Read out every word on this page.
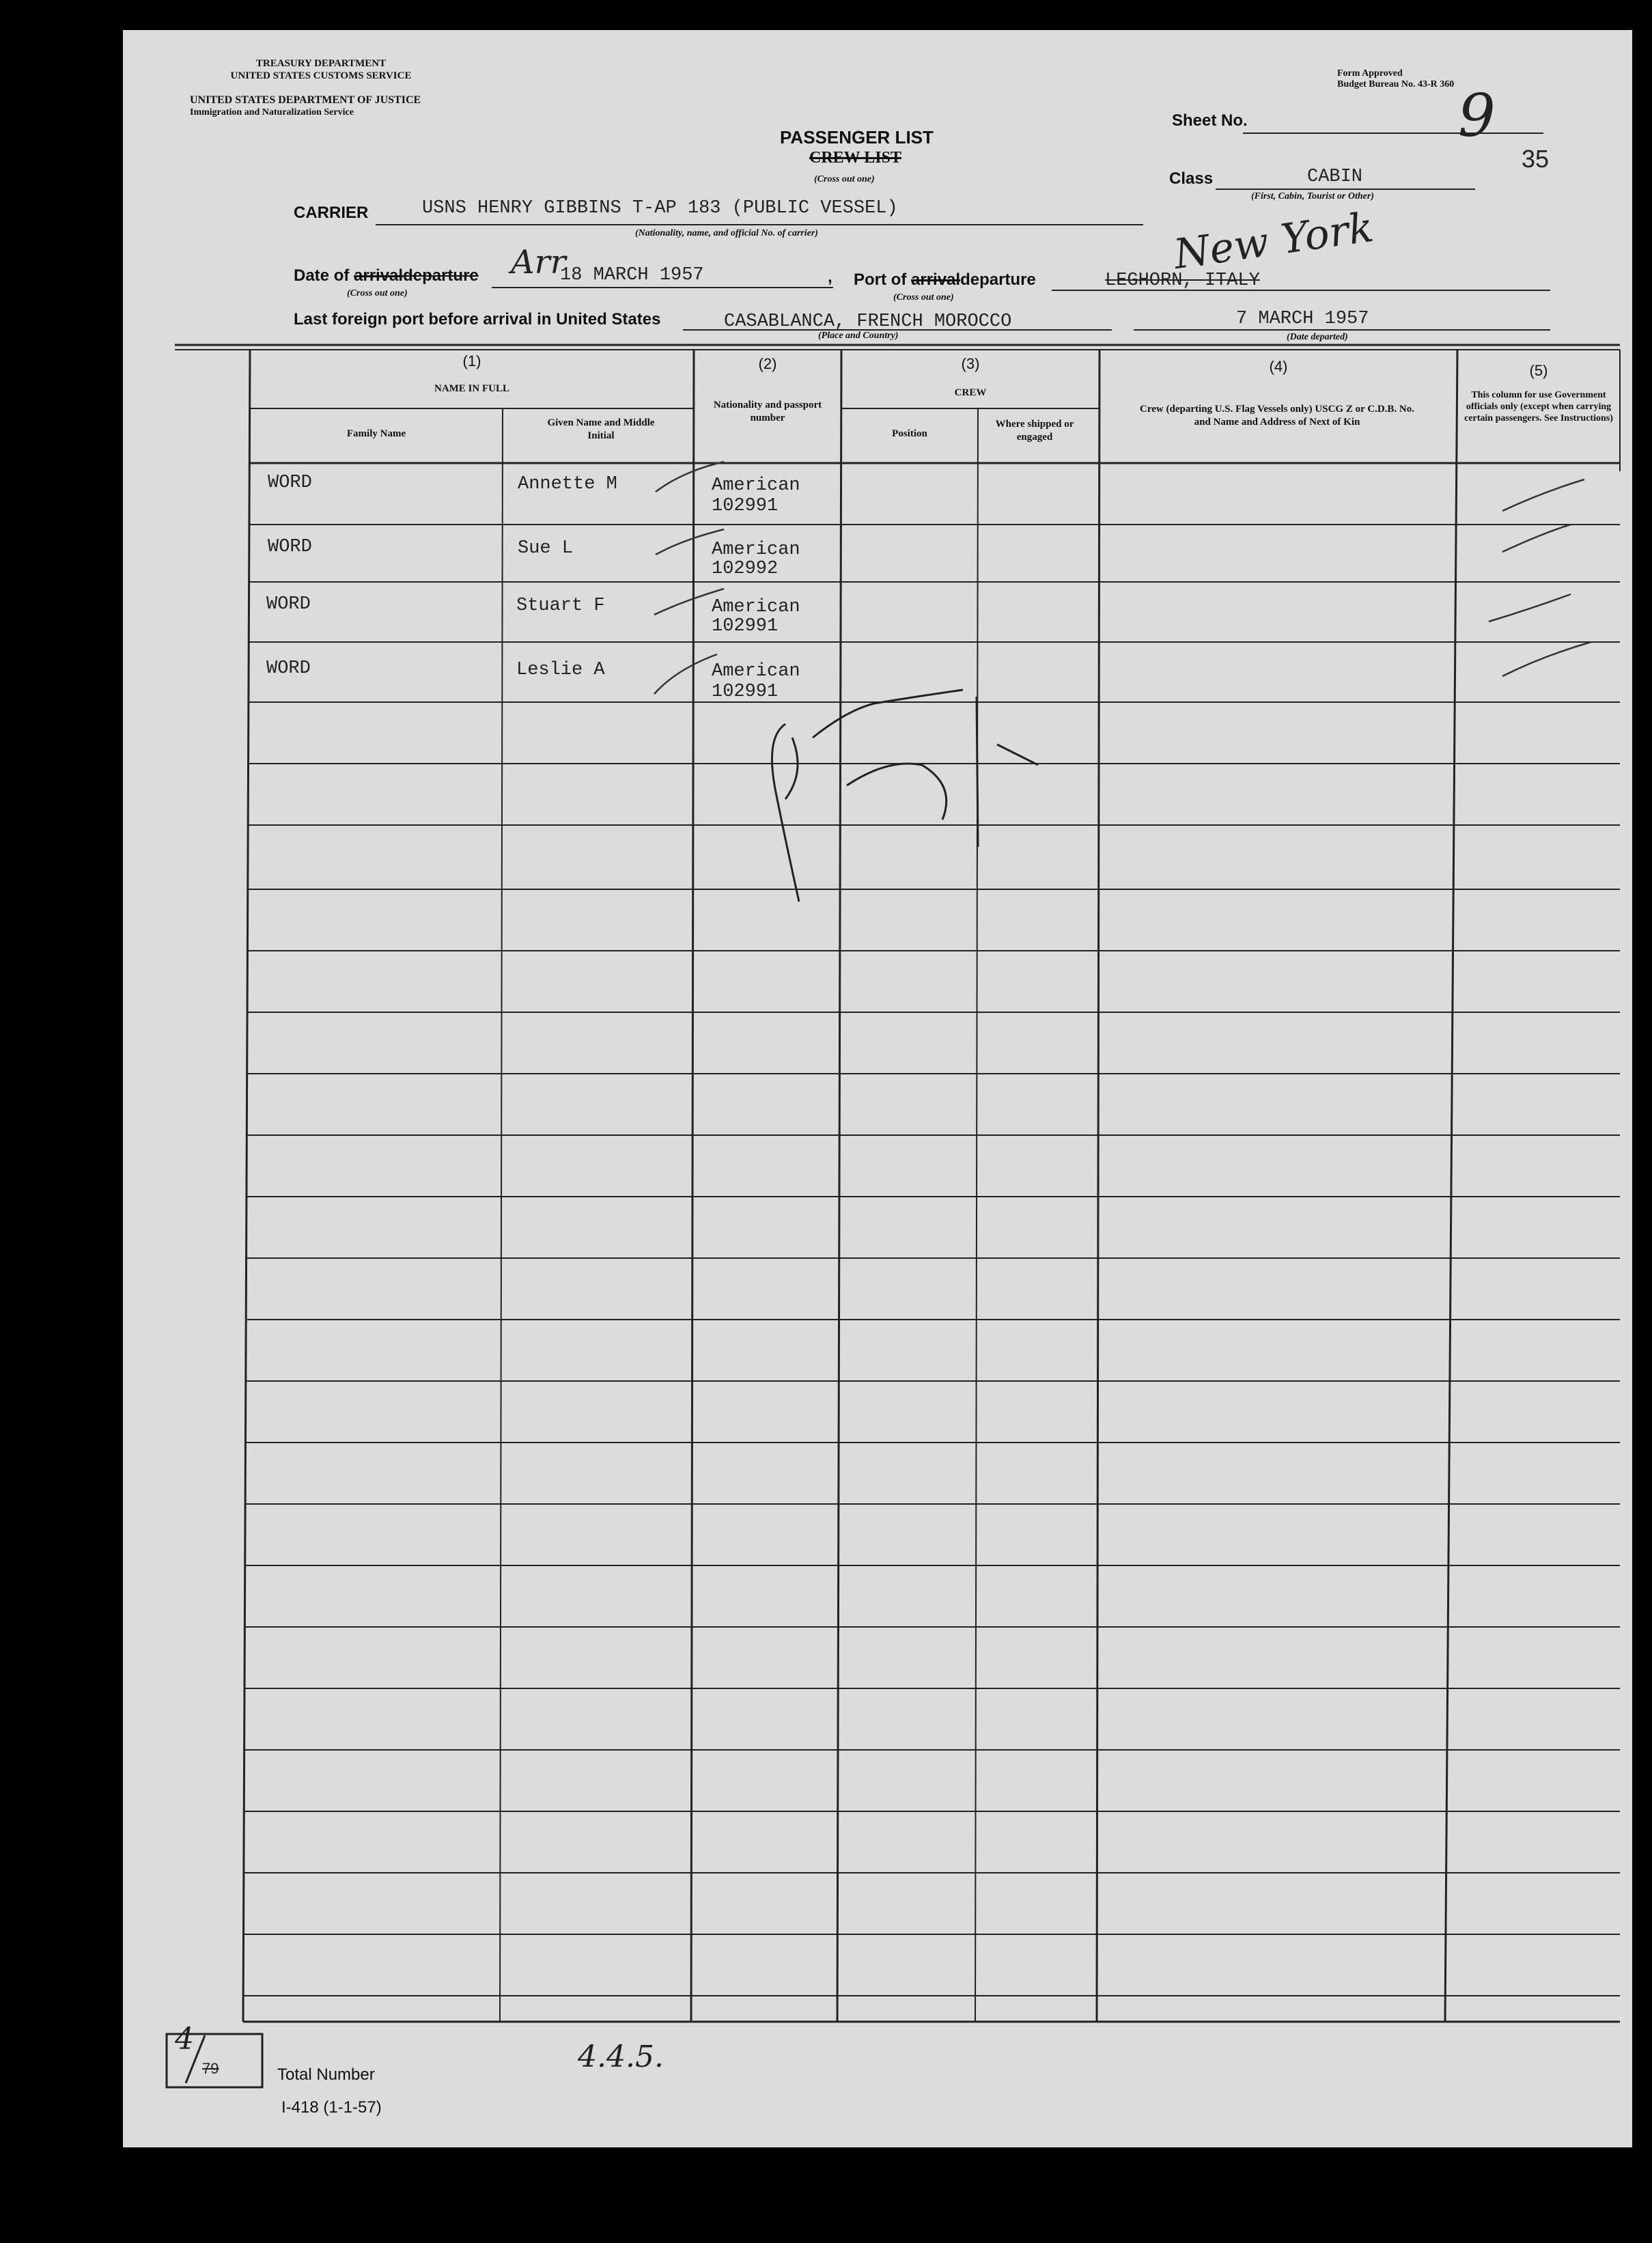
TREASURY DEPARTMENT
UNITED STATES CUSTOMS SERVICE
UNITED STATES DEPARTMENT OF JUSTICE
Immigration and Naturalization Service
Form Approved
Budget Bureau No. 43-R 360
Sheet No.	9
35
PASSENGER LIST
CREW LIST
(Cross out one)	Class	CABIN
(First, Cabin, Tourist or Other)
CARRIER	USNS HENRY GIBBINS T-AP 183 (PUBLIC VESSEL)
(Nationality, name, and official No. of carrier)
Date of arrivaldeparture
(Cross out one)
18 MARCH 1957
Arr	, Port of arrivaldeparture
(Cross out one)
LEGHORN, ITALY
New York
Last foreign port before arrival in United States	CASABLANCA, FRENCH MOROCCO
(Place and Country)
7 MARCH 1957
(Date departed)
(1)
NAME IN FULL
Family Name
Given Name and Middle Initial
(2)
Nationality and passport number
(3)
CREW
Position
Where shipped or engaged
(4)
Crew (departing U.S. Flag Vessels only) USCG Z or C.D.B. No. and Name and Address of Next of Kin
(5)
This column for use Government officials only (except when carrying certain passengers. See Instructions)
WORD	Annette M	American
102991
WORD	Sue L	American
102992
WORD	Stuart F	American
102991
WORD	Leslie A	American
102991
4
79	Total Number
4.4.5.
I-418 (1-1-57)
